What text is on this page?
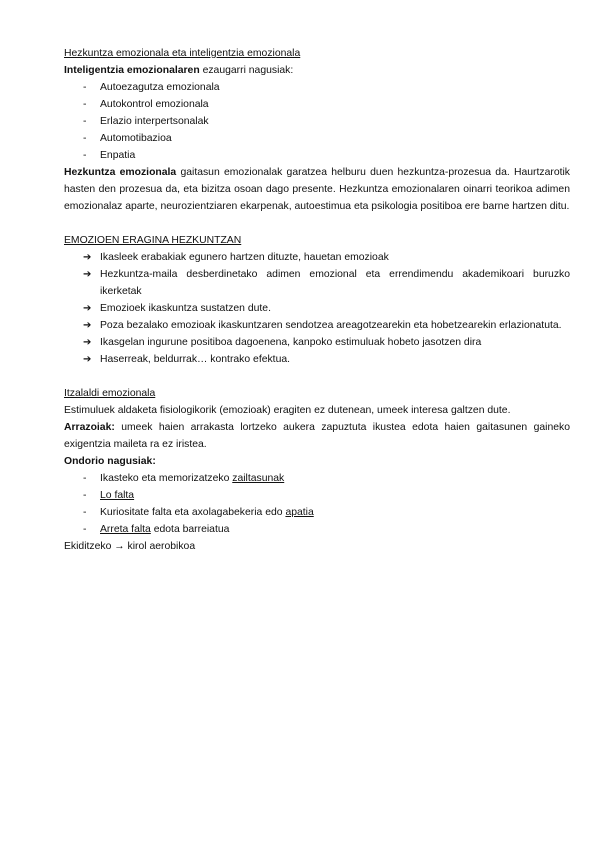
Hezkuntza emozionala eta inteligentzia emozionala

Inteligentzia emozionalaren ezaugarri nagusiak:

- Autoezagutza emozionala
- Autokontrol emozionala
- Erlazio interpertsonalak
- Automotibazioa
- Enpatia

Hezkuntza emozionala gaitasun emozionalak garatzea helburu duen hezkuntza-prozesua da. Haurtzarotik hasten den prozesua da, eta bizitza osoan dago presente. Hezkuntza emozionalaren oinarri teorikoa adimen emozionalaz aparte, neurozientziaren ekarpenak, autoestimua eta psikologia positiboa ere barne hartzen ditu.

EMOZIOEN ERAGINA HEZKUNTZAN

➔ Ikasleek erabakiak egunero hartzen dituzte, hauetan emozioak
➔ Hezkuntza-maila desberdinetako adimen emozional eta errendimendu akademikoari buruzko ikerketak
➔ Emozioek ikaskuntza sustatzen dute.
➔ Poza bezalako emozioak ikaskuntzaren sendotzea areagotzearekin eta hobetzearekin erlazionatuta.
➔ Ikasgelan ingurune positiboa dagoenena, kanpoko estimuluak hobeto jasotzen dira
➔ Haserreak, beldurrak… kontrako efektua.

Itzalaldi emozionala

Estimuluek aldaketa fisiologikorik (emozioak) eragiten ez dutenean, umeek interesa galtzen dute.

Arrazoiak: umeek haien arrakasta lortzeko aukera zapuztuta ikustea edota haien gaitasunen gaineko exigentzia maileta ra ez iristea.

Ondorio nagusiak:

- Ikasteko eta memorizatzeko zailtasunak
- Lo falta
- Kuriositate falta eta axolagabekeria edo apatia
- Arreta falta edota barreiatua

Ekiditzeko → kirol aerobikoa
